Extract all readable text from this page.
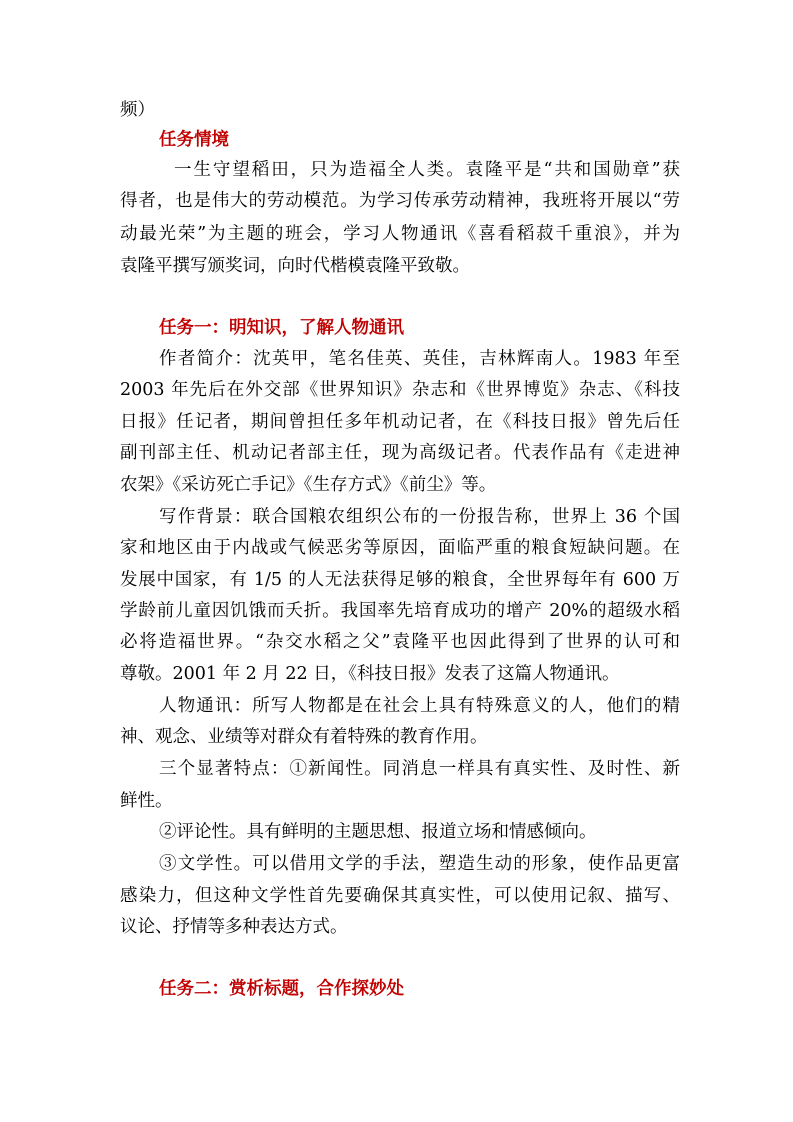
频）
任务情境
一生守望稻田，只为造福全人类。袁隆平是“共和国勋章”获
得者，也是伟大的劳动模范。为学习传承劳动精神，我班将开展以“劳
动最光荣”为主题的班会，学习人物通讯《喜看稻菽千重浪》，并为
袁隆平撰写颁奖词，向时代楷模袁隆平致敬。
任务一：明知识，了解人物通讯
作者简介：沈英甲，笔名佳英、英佳，吉林辉南人。1983 年至
2003 年先后在外交部《世界知识》杂志和《世界博览》杂志、《科技
日报》任记者，期间曾担任多年机动记者，在《科技日报》曾先后任
副刊部主任、机动记者部主任，现为高级记者。代表作品有《走进神
农架》《采访死亡手记》《生存方式》《前尘》等。
写作背景：联合国粮农组织公布的一份报告称，世界上 36 个国
家和地区由于内战或气候恶劣等原因，面临严重的粮食短缺问题。在
发展中国家，有 1/5 的人无法获得足够的粮食，全世界每年有 600 万
学龄前儿童因饥饿而夭折。我国率先培育成功的增产 20%的超级水稻
必将造福世界。“杂交水稻之父”袁隆平也因此得到了世界的认可和
尊敬。2001 年 2 月 22 日，《科技日报》发表了这篇人物通讯。
人物通讯：所写人物都是在社会上具有特殊意义的人，他们的精
神、观念、业绩等对群众有着特殊的教育作用。
三个显著特点：①新闻性。同消息一样具有真实性、及时性、新
鲜性。
②评论性。具有鲜明的主题思想、报道立场和情感倾向。
③文学性。可以借用文学的手法，塑造生动的形象，使作品更富
感染力，但这种文学性首先要确保其真实性，可以使用记叙、描写、
议论、抒情等多种表达方式。
任务二：赏析标题，合作探妙处
